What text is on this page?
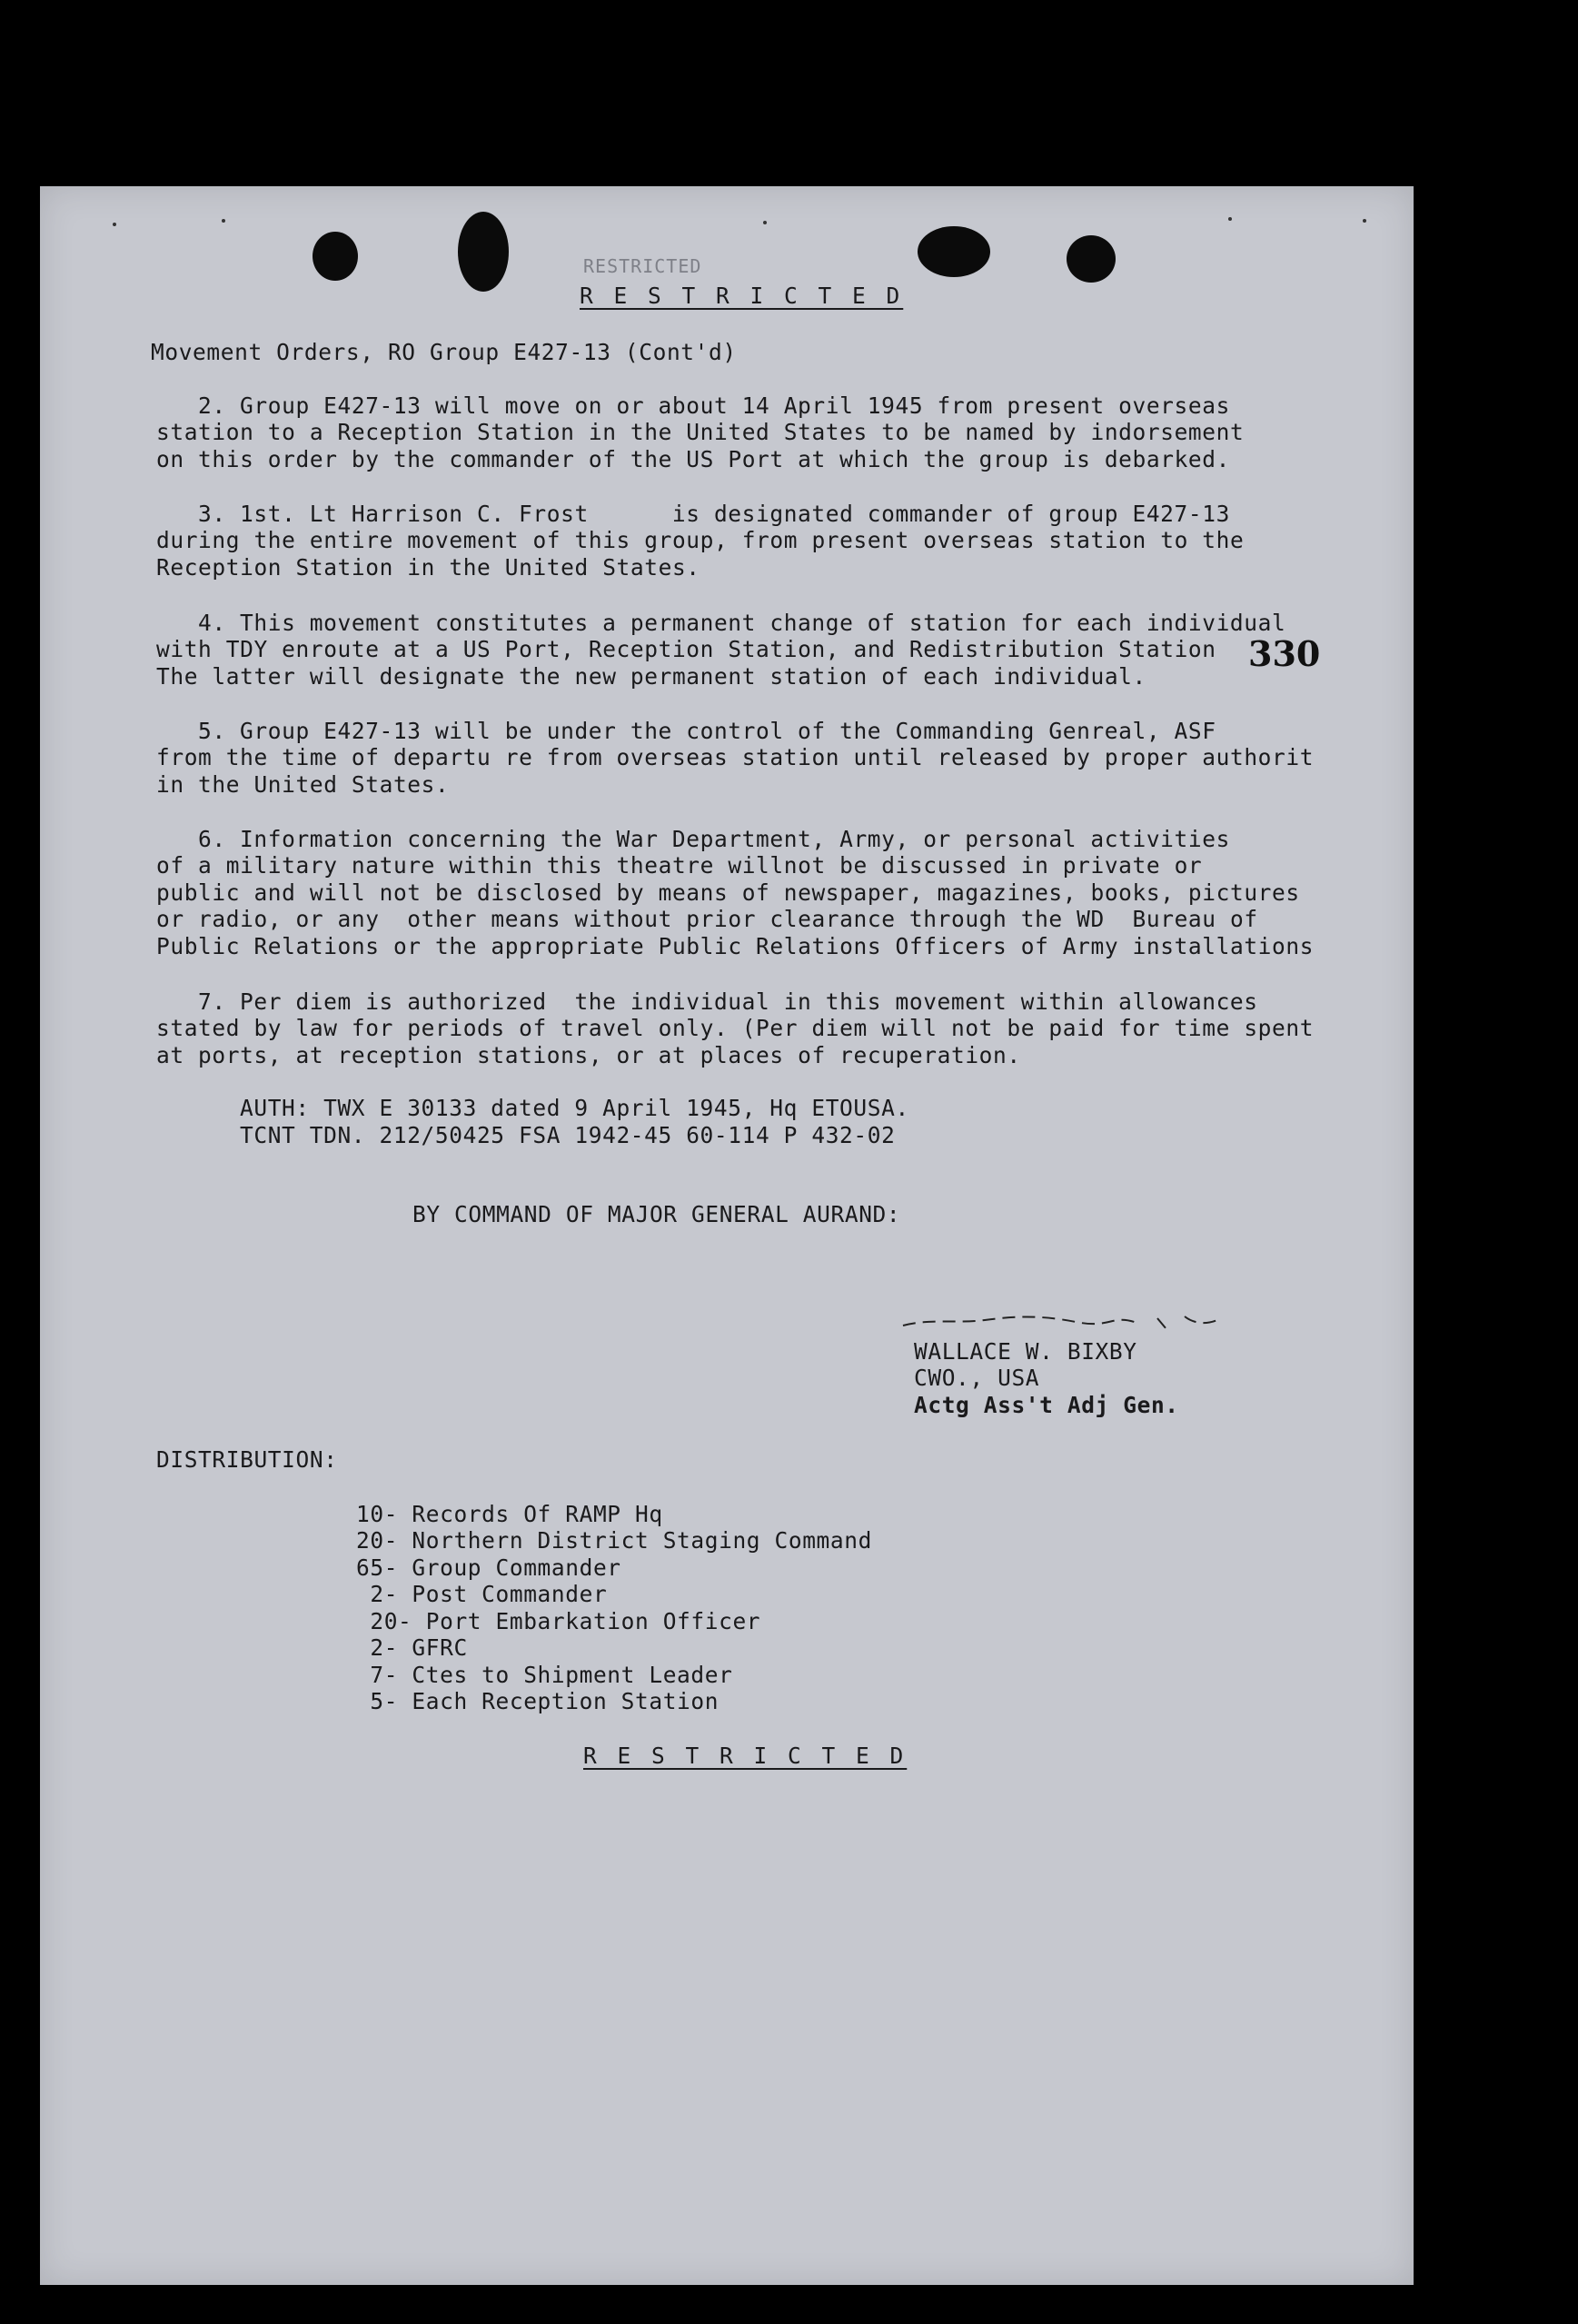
RESTRICTED
R E S T R I C T E D
Movement Orders, RO Group E427-13 (Cont'd)
2. Group E427-13 will move on or about 14 April 1945 from present overseas
station to a Reception Station in the United States to be named by indorsement
on this order by the commander of the US Port at which the group is debarked.
3. 1st. Lt Harrison C. Frost      is designated commander of group E427-13
during the entire movement of this group, from present overseas station to the
Reception Station in the United States.
4. This movement constitutes a permanent change of station for each individual
with TDY enroute at a US Port, Reception Station, and Redistribution Station
The latter will designate the new permanent station of each individual.
330
5. Group E427-13 will be under the control of the Commanding Genreal, ASF
from the time of departu re from overseas station until released by proper authorit
in the United States.
6. Information concerning the War Department, Army, or personal activities
of a military nature within this theatre willnot be discussed in private or
public and will not be disclosed by means of newspaper, magazines, books, pictures
or radio, or any  other means without prior clearance through the WD  Bureau of
Public Relations or the appropriate Public Relations Officers of Army installations
7. Per diem is authorized  the individual in this movement within allowances
stated by law for periods of travel only. (Per diem will not be paid for time spent
at ports, at reception stations, or at places of recuperation.
AUTH: TWX E 30133 dated 9 April 1945, Hq ETOUSA.
TCNT TDN. 212/50425 FSA 1942-45 60-114 P 432-02
BY COMMAND OF MAJOR GENERAL AURAND:
WALLACE W. BIXBY
CWO., USA
Actg Ass't Adj Gen.
DISTRIBUTION:
10- Records Of RAMP Hq
20- Northern District Staging Command
65- Group Commander
2- Post Commander
20- Port Embarkation Officer
2- GFRC
7- Ctes to Shipment Leader
5- Each Reception Station
R E S T R I C T E D
